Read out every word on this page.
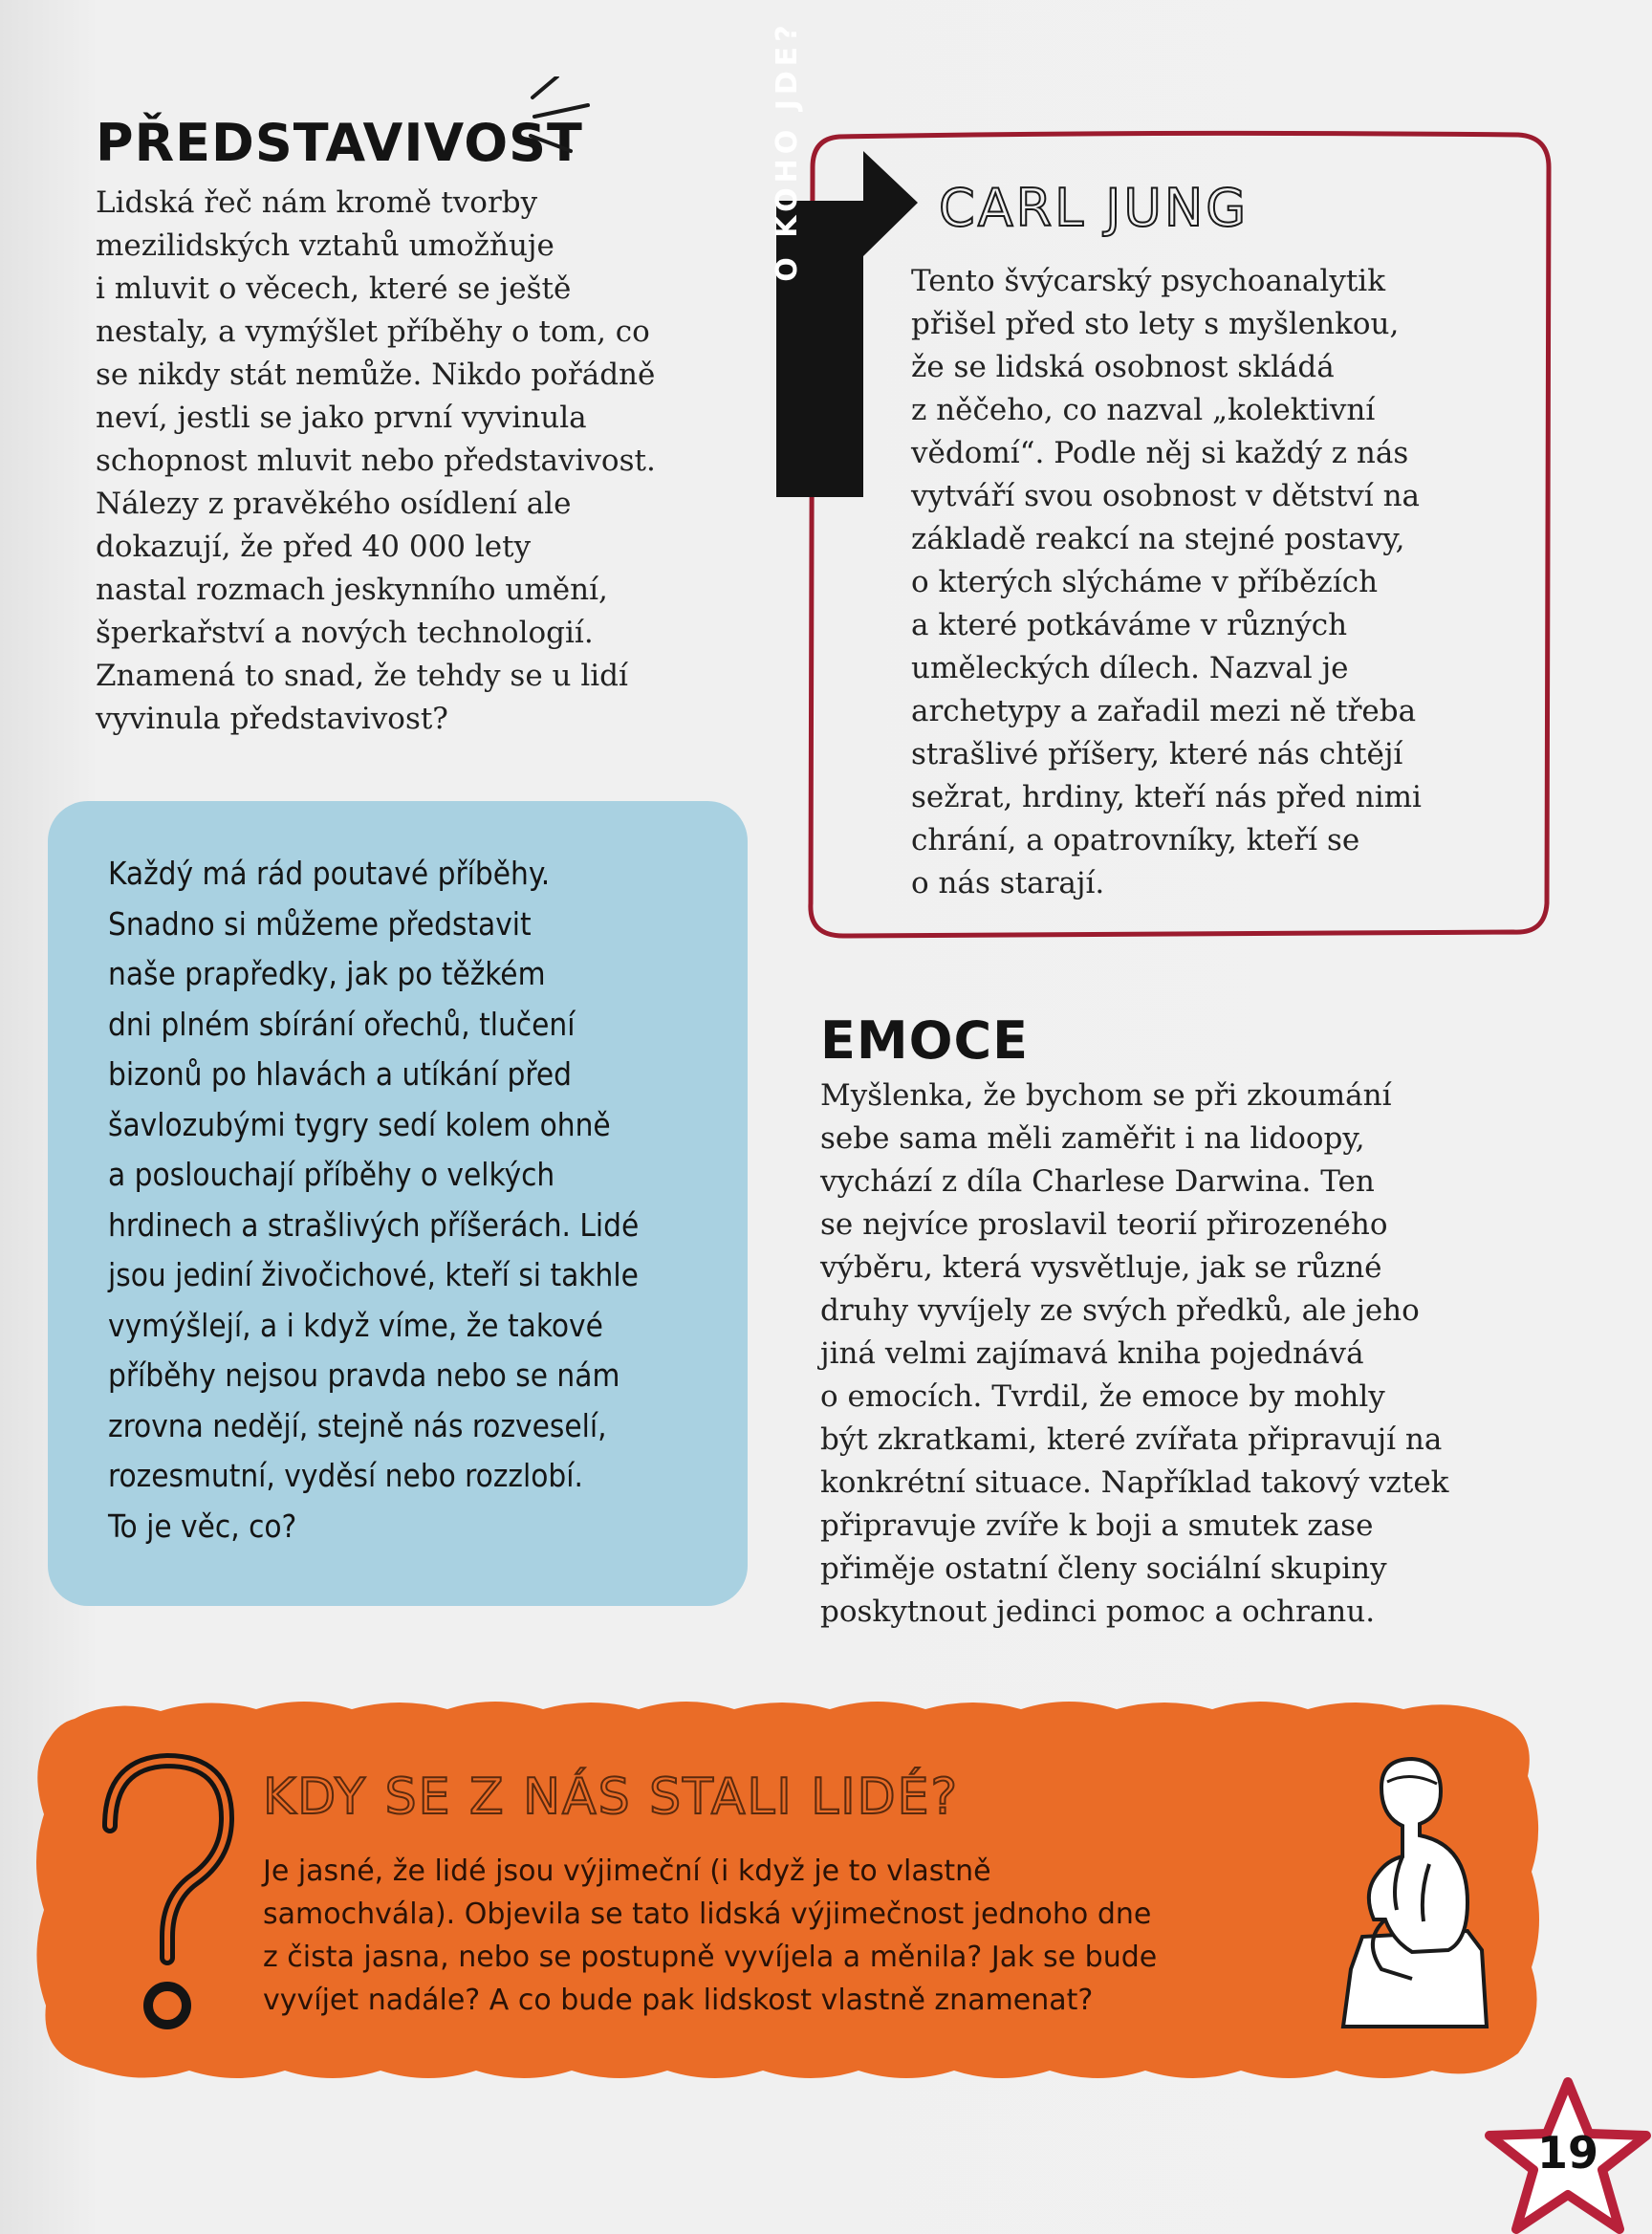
PŘEDSTAVIVOST
Lidská řeč nám kromě tvorby
mezilidských vztahů umožňuje
i mluvit o věcech, které se ještě
nestaly, a vymýšlet příběhy o tom, co
se nikdy stát nemůže. Nikdo pořádně
neví, jestli se jako první vyvinula
schopnost mluvit nebo představivost.
Nálezy z pravěkého osídlení ale
dokazují, že před 40 000 lety
nastal rozmach jeskynního umění,
šperkařství a nových technologií.
Znamená to snad, že tehdy se u lidí
vyvinula představivost?
O KOHO JDE?	CARL JUNG
Tento švýcarský psychoanalytik
přišel před sto lety s myšlenkou,
že se lidská osobnost skládá
z něčeho, co nazval „kolektivní
vědomí“. Podle něj si každý z nás
vytváří svou osobnost v dětství na
základě reakcí na stejné postavy,
o kterých slýcháme v příbězích
a které potkáváme v různých
uměleckých dílech. Nazval je
archetypy a zařadil mezi ně třeba
strašlivé příšery, které nás chtějí
sežrat, hrdiny, kteří nás před nimi
chrání, a opatrovníky, kteří se
o nás starají.
Každý má rád poutavé příběhy.
Snadno si můžeme představit
naše prapředky, jak po těžkém
dni plném sbírání ořechů, tlučení
bizonů po hlavách a utíkání před
šavlozubými tygry sedí kolem ohně
a poslouchají příběhy o velkých
hrdinech a strašlivých příšerách. Lidé
jsou jediní živočichové, kteří si takhle
vymýšlejí, a i když víme, že takové
příběhy nejsou pravda nebo se nám
zrovna nedějí, stejně nás rozveselí,
rozesmutní, vyděsí nebo rozzlobí.
To je věc, co?
EMOCE
Myšlenka, že bychom se při zkoumání
sebe sama měli zaměřit i na lidoopy,
vychází z díla Charlese Darwina. Ten
se nejvíce proslavil teorií přirozeného
výběru, která vysvětluje, jak se různé
druhy vyvíjely ze svých předků, ale jeho
jiná velmi zajímavá kniha pojednává
o emocích. Tvrdil, že emoce by mohly
být zkratkami, které zvířata připravují na
konkrétní situace. Například takový vztek
připravuje zvíře k boji a smutek zase
přiměje ostatní členy sociální skupiny
poskytnout jedinci pomoc a ochranu.
KDY SE Z NÁS STALI LIDÉ?
Je jasné, že lidé jsou výjimeční (i když je to vlastně
samochvála). Objevila se tato lidská výjimečnost jednoho dne
z čista jasna, nebo se postupně vyvíjela a měnila? Jak se bude
vyvíjet nadále? A co bude pak lidskost vlastně znamenat?
19
